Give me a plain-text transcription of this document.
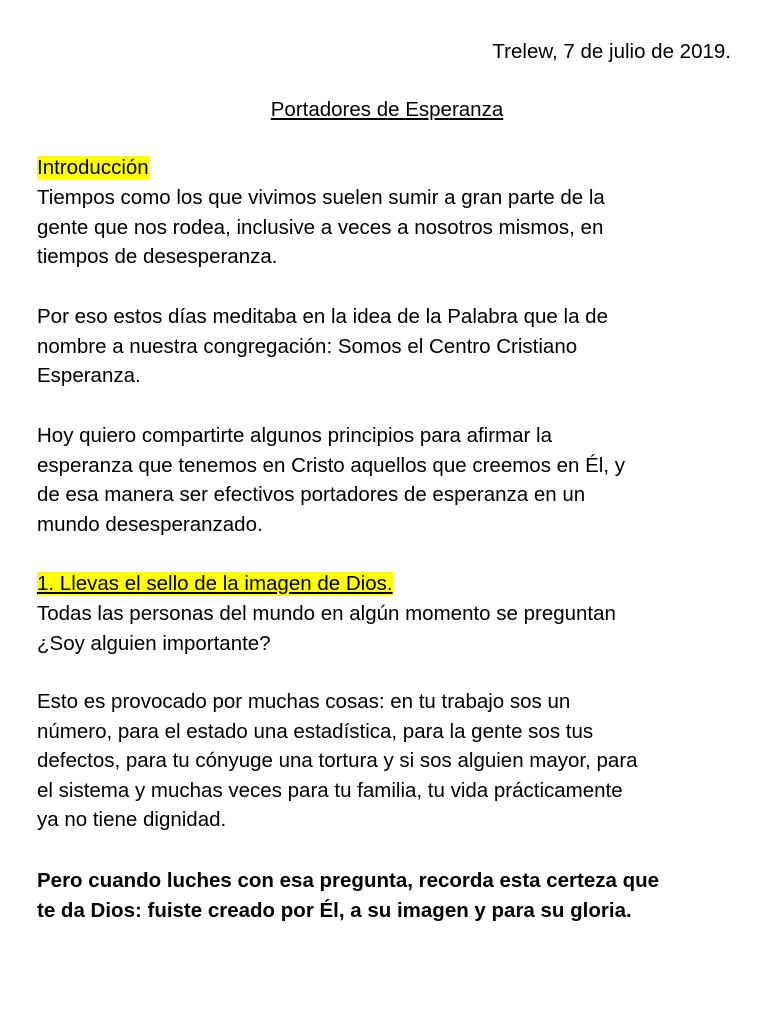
Trelew, 7 de julio de 2019.
Portadores de Esperanza
Introducción
Tiempos como los que vivimos suelen sumir a gran parte de la
gente que nos rodea, inclusive a veces a nosotros mismos, en
tiempos de desesperanza.
Por eso estos días meditaba en la idea de la Palabra que la de
nombre a nuestra congregación: Somos el Centro Cristiano
Esperanza.
Hoy quiero compartirte algunos principios para afirmar la
esperanza que tenemos en Cristo aquellos que creemos en Él, y
de esa manera ser efectivos portadores de esperanza en un
mundo desesperanzado.
1. Llevas el sello de la imagen de Dios.
Todas las personas del mundo en algún momento se preguntan
¿Soy alguien importante?
Esto es provocado por muchas cosas: en tu trabajo sos un
número, para el estado una estadística, para la gente sos tus
defectos, para tu cónyuge una tortura y si sos alguien mayor, para
el sistema y muchas veces para tu familia, tu vida prácticamente
ya no tiene dignidad.
Pero cuando luches con esa pregunta, recorda esta certeza que
te da Dios: fuiste creado por Él, a su imagen y para su gloria.
